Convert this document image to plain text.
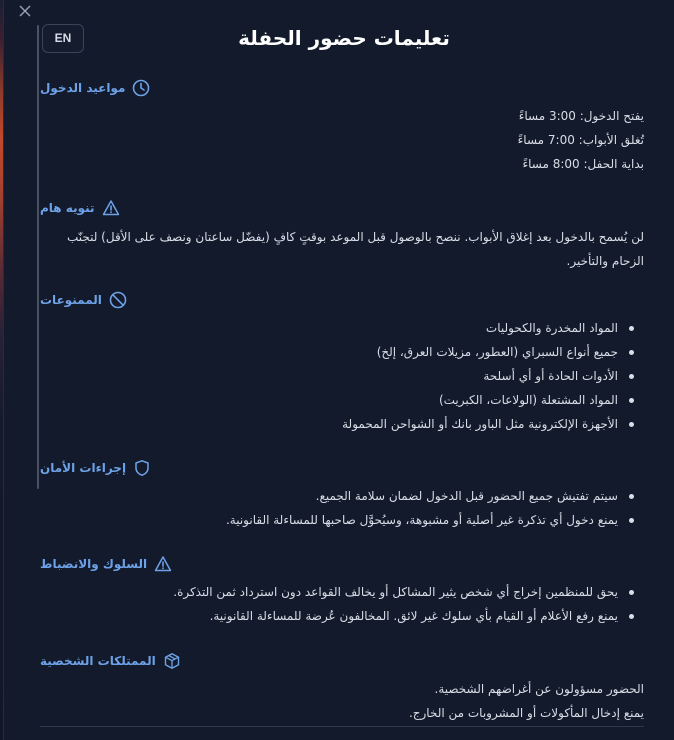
EN	تعليمات حضور الحفلة
مواعيد الدخول

يفتح الدخول: 3:00 مساءً

تُغلق الأبواب: 7:00 مساءً

بداية الحفل: 8:00 مساءً

تنويه هام

لن يُسمح بالدخول بعد إغلاق الأبواب. ننصح بالوصول قبل الموعد بوقتٍ كافٍ (يفضّل ساعتان ونصف على الأقل) لتجنّب الزحام والتأخير.

الممنوعات
المواد المخدرة والكحوليات
جميع أنواع السبراي (العطور، مزيلات العرق، إلخ)
الأدوات الحادة أو أي أسلحة
المواد المشتعلة (الولاعات، الكبريت)
الأجهزة الإلكترونية مثل الباور بانك أو الشواحن المحمولة
إجراءات الأمان
سيتم تفتيش جميع الحضور قبل الدخول لضمان سلامة الجميع.
يمنع دخول أي تذكرة غير أصلية أو مشبوهة، وسيُحوَّل صاحبها للمساءلة القانونية.
السلوك والانضباط
يحق للمنظمين إخراج أي شخص يثير المشاكل أو يخالف القواعد دون استرداد ثمن التذكرة.
يمنع رفع الأعلام أو القيام بأي سلوك غير لائق. المخالفون عُرضة للمساءلة القانونية.
الممتلكات الشخصية

الحضور مسؤولون عن أغراضهم الشخصية.

يمنع إدخال المأكولات أو المشروبات من الخارج.
